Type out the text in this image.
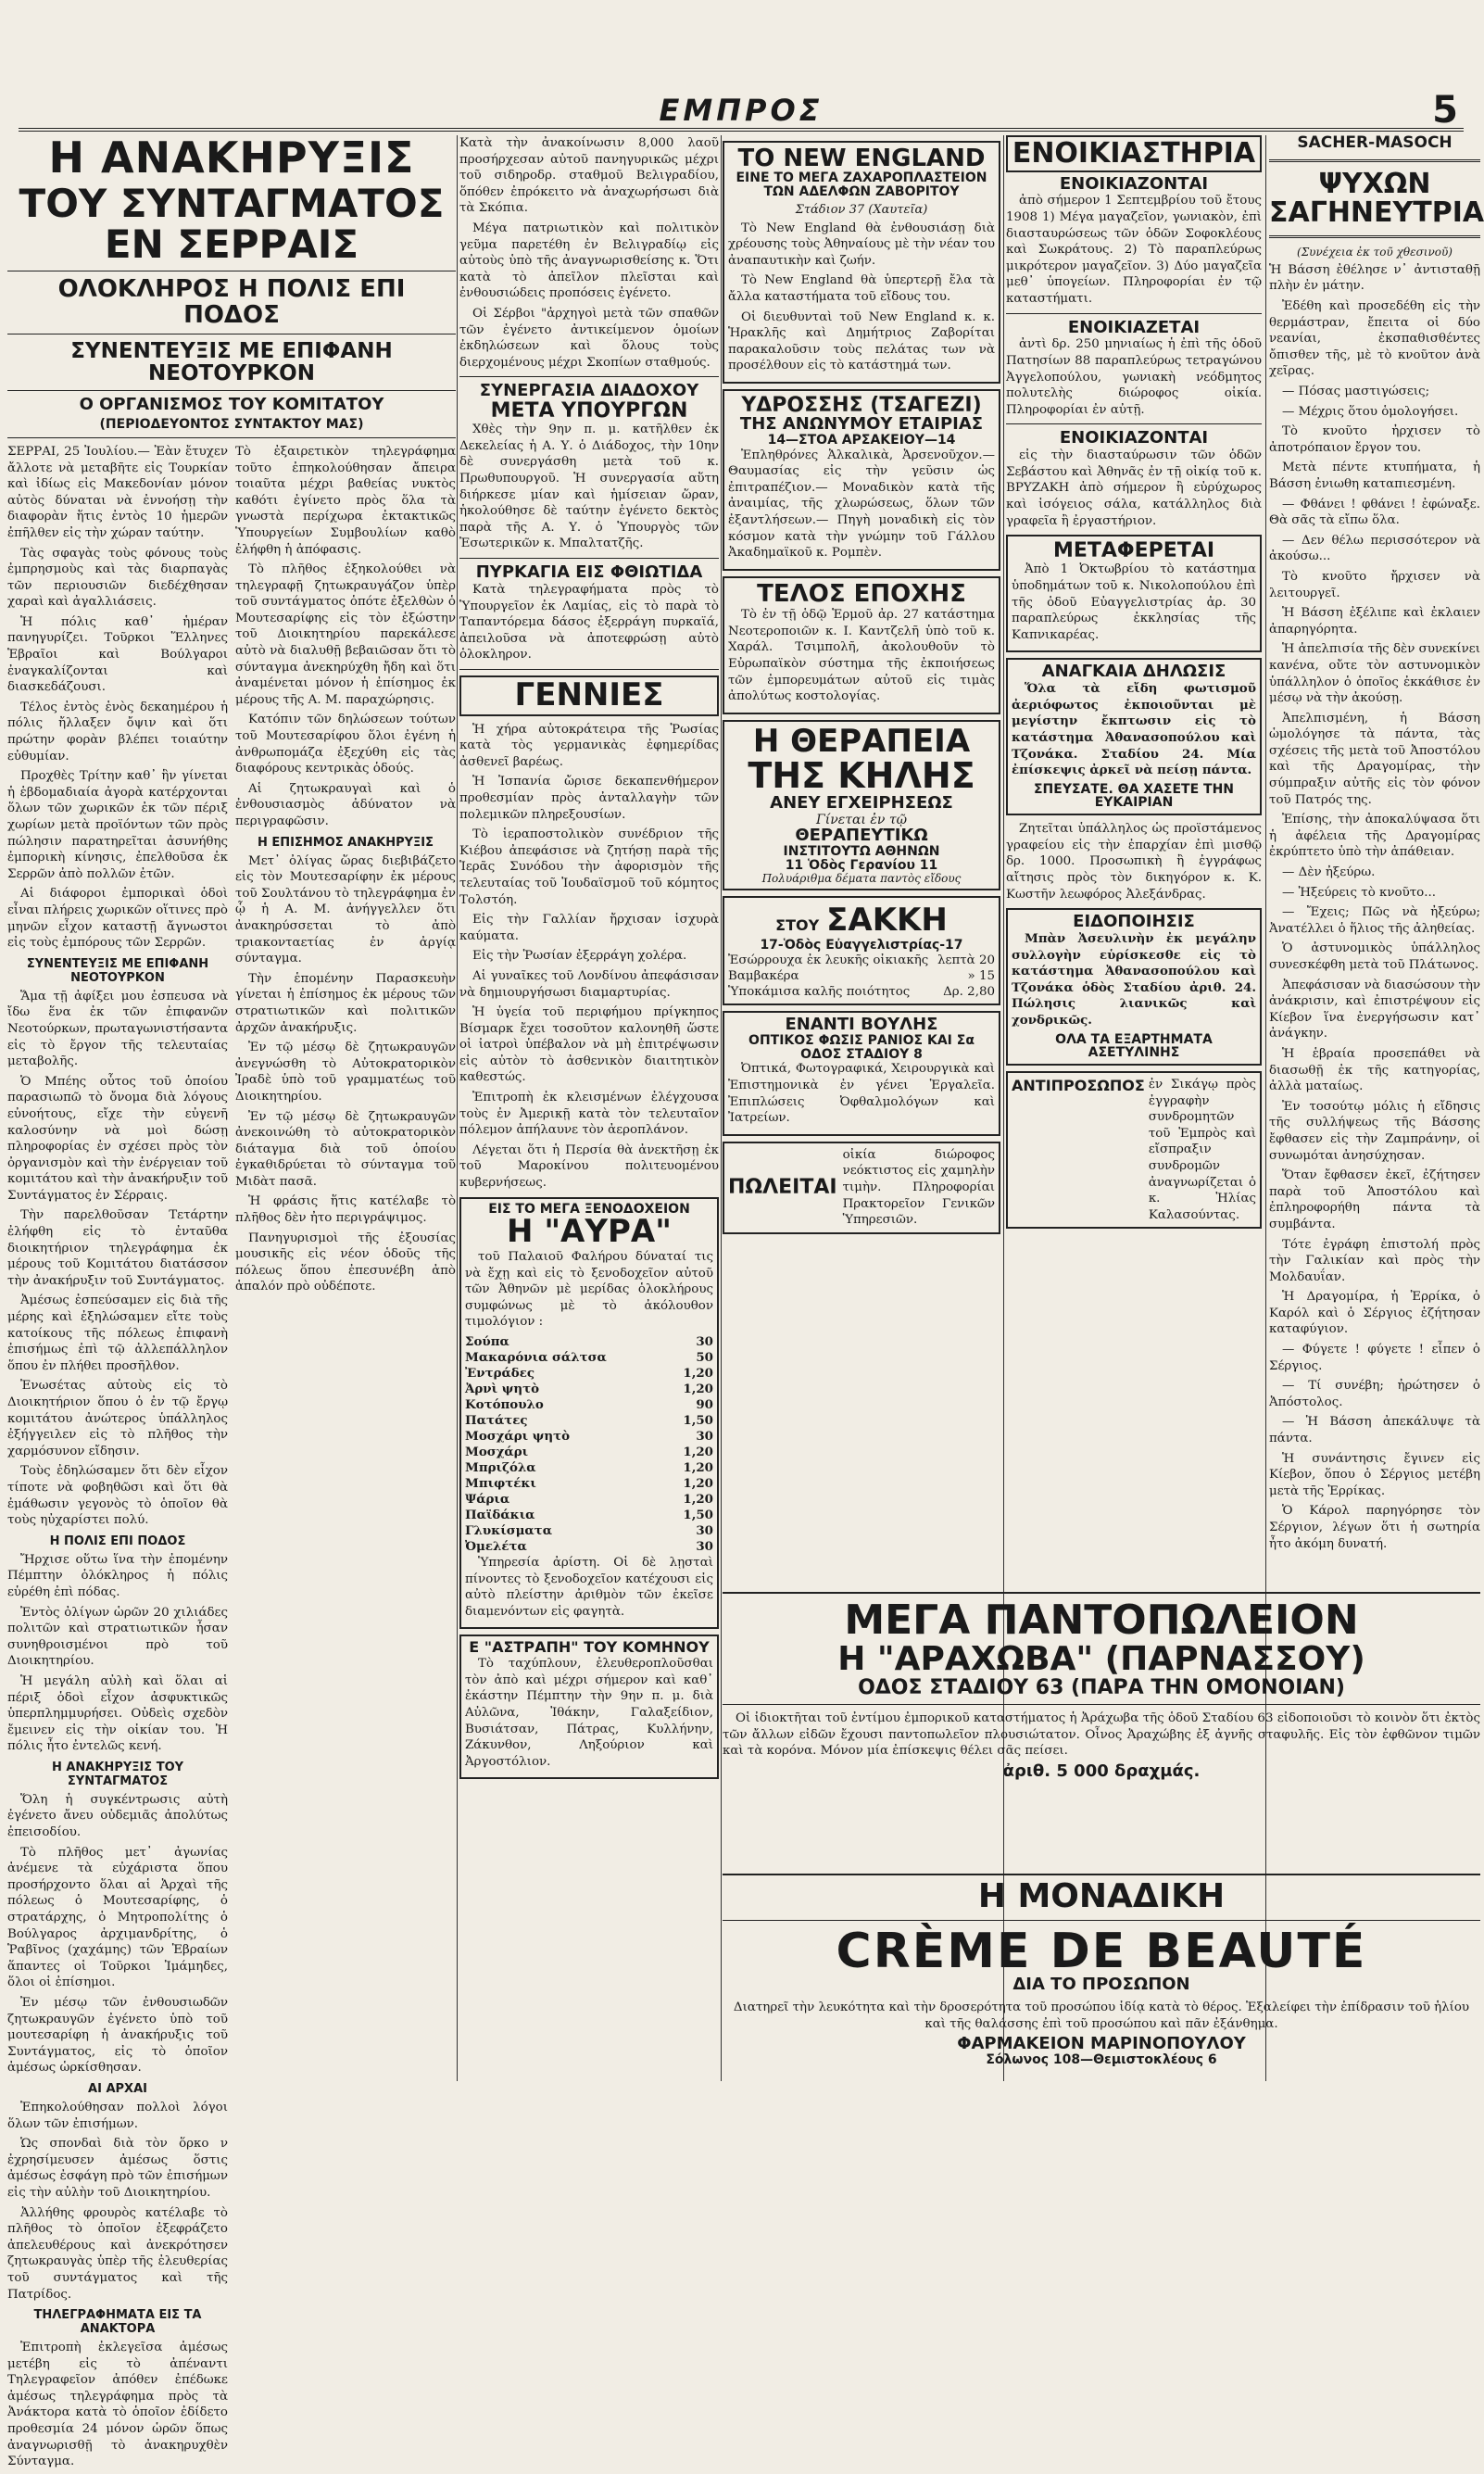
ΕΜΠΡΟΣ	5
Η ΑΝΑΚΗΡΥΞΙΣ
ΤΟΥ ΣΥΝΤΑΓΜΑΤΟΣ ΕΝ ΣΕΡΡΑΙΣ
ΟΛΟΚΛΗΡΟΣ Η ΠΟΛΙΣ ΕΠΙ ΠΟΔΟΣ
ΣΥΝΕΝΤΕΥΞΙΣ ΜΕ ΕΠΙΦΑΝΗ ΝΕΟΤΟΥΡΚΟΝ
Ο ΟΡΓΑΝΙΣΜΟΣ ΤΟΥ ΚΟΜΙΤΑΤΟΥ
(ΠΕΡΙΟΔΕΥΟΝΤΟΣ ΣΥΝΤΑΚΤΟΥ ΜΑΣ)

ΣΕΡΡΑΙ, 25 Ἰουλίου.— Ἐὰν ἔτυχεν ἄλλοτε νὰ μεταβῆτε εἰς Τουρκίαν καὶ ἰδίως εἰς Μακεδονίαν μόνον αὐτὸς δύναται νὰ ἐννοήσῃ τὴν διαφορὰν ἥτις ἐντὸς 10 ἡμερῶν ἐπῆλθεν εἰς τὴν χώραν ταύτην.

Τὰς σφαγὰς τοὺς φόνους τοὺς ἐμπρησμοὺς καὶ τὰς διαρπαγὰς τῶν περιουσιῶν διεδέχθησαν χαραὶ καὶ ἀγαλλιάσεις.

Ἡ πόλις καθ᾽ ἡμέραν πανηγυρίζει. Τοῦρκοι Ἕλληνες Ἑβραῖοι καὶ Βούλγαροι ἐναγκαλίζονται καὶ διασκεδάζουσι.

Τέλος ἐντὸς ἑνὸς δεκαημέρου ἡ πόλις ἤλλαξεν ὄψιν καὶ ὅτι πρώτην φορὰν βλέπει τοιαύτην εὐθυμίαν.

Προχθὲς Τρίτην καθ᾽ ἣν γίνεται ἡ ἑβδομαδιαία ἀγορὰ κατέρχονται ὅλων τῶν χωρικῶν ἐκ τῶν πέριξ χωρίων μετὰ προϊόντων τῶν πρὸς πώλησιν παρατηρεῖται ἀσυνήθης ἐμπορικὴ κίνησις, ἐπελθοῦσα ἐκ Σερρῶν ἀπὸ πολλῶν ἐτῶν.

Αἱ διάφοροι ἐμπορικαὶ ὁδοὶ εἶναι πλήρεις χωρικῶν οἵτινες πρὸ μηνῶν εἶχον καταστῇ ἄγνωστοι εἰς τοὺς ἐμπόρους τῶν Σερρῶν.

ΣΥΝΕΝΤΕΥΞΙΣ ΜΕ ΕΠΙΦΑΝΗ ΝΕΟΤΟΥΡΚΟΝ

Ἅμα τῇ ἀφίξει μου ἐσπευσα νὰ ἴδω ἕνα ἐκ τῶν ἐπιφανῶν Νεοτούρκων, πρωταγωνιστήσαντα εἰς τὸ ἔργον τῆς τελευταίας μεταβολῆς.

Ὁ Μπέης οὗτος τοῦ ὁποίου παρασιωπῶ τὸ ὄνομα διὰ λόγους εὐνοήτους, εἴχε τὴν εὐγενῆ καλοσύνην νὰ μοὶ δώσῃ πληροφορίας ἐν σχέσει πρὸς τὸν ὀργανισμὸν καὶ τὴν ἐνέργειαν τοῦ κομιτάτου καὶ τὴν ἀνακήρυξιν τοῦ Συντάγματος ἐν Σέρραις.

Τὴν παρελθοῦσαν Τετάρτην ἐλήφθη εἰς τὸ ἐνταῦθα διοικητήριον τηλεγράφημα ἐκ μέρους τοῦ Κομιτάτου διατάσσον τὴν ἀνακήρυξιν τοῦ Συντάγματος.

Ἀμέσως ἐσπεύσαμεν εἰς διὰ τῆς μέρης καὶ ἐξηλώσαμεν εἴτε τοὺς κατοίκους τῆς πόλεως ἐπιφανὴ ἐπισήμως ἐπὶ τῷ ἀλλεπάλληλον ὅπου ἐν πλήθει προσῆλθον.

Ἐνωσέτας αὐτοὺς εἰς τὸ Διοικητήριον ὅπου ὁ ἐν τῷ ἔργῳ κομιτάτου ἀνώτερος ὑπάλληλος ἐξήγγειλεν εἰς τὸ πλῆθος τὴν χαρμόσυνον εἴδησιν.

Τοὺς ἐδηλώσαμεν ὅτι δὲν εἶχον τίποτε νὰ φοβηθῶσι καὶ ὅτι θὰ ἐμάθωσιν γεγονὸς τὸ ὁποῖον θὰ τοὺς ηὐχαρίστει πολύ.

Η ΠΟΛΙΣ ΕΠΙ ΠΟΔΟΣ

Ἤρχισε οὕτω ἵνα τὴν ἐπομένην Πέμπτην ὁλόκληρος ἡ πόλις εὑρέθη ἐπὶ πόδας.

Ἐντὸς ὀλίγων ὡρῶν 20 χιλιάδες πολιτῶν καὶ στρατιωτικῶν ἦσαν συνηθροισμένοι πρὸ τοῦ Διοικητηρίου.

Ἡ μεγάλη αὐλὴ καὶ ὅλαι αἱ πέριξ ὁδοὶ εἶχον ἀσφυκτικῶς ὑπερπλημμυρήσει. Οὐδεὶς σχεδὸν ἔμεινεν εἰς τὴν οἰκίαν του. Ἡ πόλις ἦτο ἐντελῶς κενή.

Η ΑΝΑΚΗΡΥΞΙΣ ΤΟΥ ΣΥΝΤΑΓΜΑΤΟΣ

Ὅλη ἡ συγκέντρωσις αὐτὴ ἐγένετο ἄνευ οὐδεμιᾶς ἀπολύτως ἐπεισοδίου.

Τὸ πλῆθος μετ᾽ ἀγωνίας ἀνέμενε τὰ εὐχάριστα ὅπου προσήρχοντο ὅλαι αἱ Ἀρχαὶ τῆς πόλεως ὁ Μουτεσαρίφης, ὁ στρατάρχης, ὁ Μητροπολίτης ὁ Βούλγαρος ἀρχιμανδρίτης, ὁ Ῥαβῖνος (χαχάμης) τῶν Ἑβραίων ἅπαντες οἱ Τοῦρκοι Ἰμάμηδες, ὅλοι οἱ ἐπίσημοι.

Ἐν μέσῳ τῶν ἐνθουσιωδῶν ζητωκραυγῶν ἐγένετο ὑπὸ τοῦ μουτεσαρίφη ἡ ἀνακήρυξις τοῦ Συντάγματος, εἰς τὸ ὁποῖον ἀμέσως ὡρκίσθησαν.

ΑΙ ΑΡΧΑΙ

Ἐπηκολούθησαν πολλοὶ λόγοι ὅλων τῶν ἐπισήμων.

Ὡς σπονδαὶ διὰ τὸν ὅρκο ν ἐχρησίμευσεν ἀμέσως ὅστις ἀμέσως ἐσφάγη πρὸ τῶν ἐπισήμων εἰς τὴν αὐλὴν τοῦ Διοικητηρίου.

Ἀλλήθης φρουρὸς κατέλαβε τὸ πλῆθος τὸ ὁποῖον ἐξεφράζετο ἀπελευθέρους καὶ ἀνεκρότησεν ζητωκραυγὰς ὑπὲρ τῆς ἐλευθερίας τοῦ συντάγματος καὶ τῆς Πατρίδος.

ΤΗΛΕΓΡΑΦΗΜΑΤΑ ΕΙΣ ΤΑ ΑΝΑΚΤΟΡΑ

Ἐπιτροπὴ ἐκλεγεῖσα ἀμέσως μετέβη εἰς τὸ ἀπέναντι Τηλεγραφεῖον ἀπόθεν ἐπέδωκε ἀμέσως τηλεγράφημα πρὸς τὰ Ἀνάκτορα κατὰ τὸ ὁποῖον ἐδίδετο προθεσμία 24 μόνον ὡρῶν ὅπως ἀναγνωρισθῇ τὸ ἀνακηρυχθὲν Σύνταγμα.

Τὸ ἐξαιρετικὸν τηλεγράφημα τοῦτο ἐπηκολούθησαν ἄπειρα τοιαῦτα μέχρι βαθείας νυκτὸς καθότι ἐγίνετο πρὸς ὅλα τὰ γνωστὰ περίχωρα ἐκτακτικῶς Ὑπουργείων Συμβουλίων καθὸ ἐλήφθη ἡ ἀπόφασις.

Τὸ πλῆθος ἐξηκολούθει νὰ τηλεγραφῇ ζητωκραυγάζον ὑπὲρ τοῦ συντάγματος ὁπότε ἐξελθὼν ὁ Μουτεσαρίφης εἰς τὸν ἐξώστην τοῦ Διοικητηρίου παρεκάλεσε αὐτὸ νὰ διαλυθῇ βεβαιῶσαν ὅτι τὸ σύνταγμα ἀνεκηρύχθη ἤδη καὶ ὅτι ἀναμένεται μόνον ἡ ἐπίσημος ἐκ μέρους τῆς Α. Μ. παραχώρησις.

Κατόπιν τῶν δηλώσεων τούτων τοῦ Μουτεσαρίφου ὅλοι ἐγένη ἡ ἀνθρωπομάζα ἐξεχύθη εἰς τὰς διαφόρους κεντρικὰς ὁδούς.

Αἱ ζητωκραυγαὶ καὶ ὁ ἐνθουσιασμὸς ἀδύνατον νὰ περιγραφῶσιν.

Η ΕΠΙΣΗΜΟΣ ΑΝΑΚΗΡΥΞΙΣ

Μετ᾽ ὀλίγας ὥρας διεβιβάζετο εἰς τὸν Μουτεσαρίφην ἐκ μέρους τοῦ Σουλτάνου τὸ τηλεγράφημα ἐν ᾧ ἡ Α. Μ. ἀνήγγελλεν ὅτι ἀνακηρύσσεται τὸ ἀπὸ τριακονταετίας ἐν ἀργίᾳ σύνταγμα.

Τὴν ἑπομένην Παρασκευὴν γίνεται ἡ ἐπίσημος ἐκ μέρους τῶν στρατιωτικῶν καὶ πολιτικῶν ἀρχῶν ἀνακήρυξις.

Ἐν τῷ μέσῳ δὲ ζητωκραυγῶν ἀνεγνώσθη τὸ Αὐτοκρατορικὸν Ἰραδὲ ὑπὸ τοῦ γραμματέως τοῦ Διοικητηρίου.

Ἐν τῷ μέσῳ δὲ ζητωκραυγῶν ἀνεκοινώθη τὸ αὐτοκρατορικὸν διάταγμα διὰ τοῦ ὁποίου ἐγκαθιδρύεται τὸ σύνταγμα τοῦ Μιδὰτ πασᾶ.

Ἡ φράσις ἥτις κατέλαβε τὸ πλῆθος δὲν ἠτο περιγράψιμος.

Πανηγυρισμοὶ τῆς ἐξουσίας μουσικῆς εἰς νέον ὁδοῦς τῆς πόλεως ὅπου ἐπεσυνέβη ἀπὸ ἁπαλόν πρὸ οὐδέποτε.

Κατὰ τὴν ἀνακοίνωσιν 8,000 λαοῦ προσήρχεσαν αὐτοῦ πανηγυρικῶς μέχρι τοῦ σιδηροδρ. σταθμοῦ Βελιγραδίου, ὅπόθεν ἐπρόκειτο νὰ ἀναχωρήσωσι διὰ τὰ Σκόπια.

Μέγα πατριωτικὸν καὶ πολιτικὸν γεῦμα παρετέθη ἐν Βελιγραδίῳ εἰς αὐτοὺς ὑπὸ τῆς ἀναγνωρισθείσης κ. Ὅτι κατὰ τὸ ἀπεῖλον πλεῖσται καὶ ἐνθουσιώδεις προπόσεις ἐγένετο.

Οἱ Σέρβοι "ἀρχηγοὶ μετὰ τῶν σπαθῶν τῶν ἐγένετο ἀντικείμενον ὁμοίων ἐκδηλώσεων καὶ ὅλους τοὺς διερχομένους μέχρι Σκοπίων σταθμούς.

ΣΥΝΕΡΓΑΣΙΑ ΔΙΑΔΟΧΟΥ
ΜΕΤΑ ΥΠΟΥΡΓΩΝ

Χθὲς τὴν 9ην π. μ. κατῆλθεν ἐκ Δεκελείας ἡ Α. Υ. ὁ Διάδοχος, τὴν 10ην δὲ συνεργάσθη μετὰ τοῦ κ. Πρωθυπουργοῦ. Ἡ συνεργασία αὕτη διήρκεσε μίαν καὶ ἡμίσειαν ὥραν, ἡκολούθησε δὲ ταύτην ἐγένετο δεκτὸς παρὰ τῆς Α. Υ. ὁ Ὑπουργὸς τῶν Ἐσωτερικῶν κ. Μπαλτατζῆς.

ΠΥΡΚΑΓΙΑ ΕΙΣ ΦΘΙΩΤΙΔΑ

Κατὰ τηλεγραφήματα πρὸς τὸ Ὑπουργεῖον ἐκ Λαμίας, εἰς τὸ παρὰ τὸ Ταπαντόρεμα δάσος ἐξερράγη πυρκαϊά, ἀπειλοῦσα νὰ ἀποτεφρώσῃ αὐτὸ ὁλοκληρον.

ΓΕΝΝΙΕΣ

Ἡ χήρα αὐτοκράτειρα τῆς Ῥωσίας κατὰ τὸς γερμανικὰς ἐφημερίδας ἀσθενεῖ βαρέως.

Ἡ Ἰσπανία ὤρισε δεκαπενθήμερον προθεσμίαν πρὸς ἀνταλλαγὴν τῶν πολεμικῶν πληρεξουσίων.

Τὸ ἱεραποστολικὸν συνέδριον τῆς Κιέβου ἀπεφάσισε νὰ ζητήσῃ παρὰ τῆς Ἱερᾶς Συνόδου τὴν ἀφορισμὸν τῆς τελευταίας τοῦ Ἰουδαϊσμοῦ τοῦ κόμητος Τολστόη.

Εἰς τὴν Γαλλίαν ἤρχισαν ἰσχυρὰ καύματα.

Εἰς τὴν Ῥωσίαν ἐξερράγη χολέρα.

Αἱ γυναῖκες τοῦ Λονδίνου ἀπεφάσισαν νὰ δημιουργήσωσι διαμαρτυρίας.

Ἡ ὑγεία τοῦ περιφήμου πρίγκηπος Βίσμαρκ ἔχει τοσοῦτον καλονηθῆ ὥστε οἱ ἰατροὶ ὑπέβαλον νὰ μὴ ἐπιτρέψωσιν εἰς αὐτὸν τὸ ἀσθενικὸν διαιτητικὸν καθεστώς.

Ἐπιτροπὴ ἐκ κλεισμένων ἐλέγχουσα τοὺς ἐν Ἀμερικῇ κατὰ τὸν τελευταῖον πόλεμον ἀπήλαυνε τὸν ἀεροπλάνον.

Λέγεται ὅτι ἡ Περσία θὰ ἀνεκτῆσῃ ἐκ τοῦ Μαροκίνου πολιτευομένου κυβερνήσεως.

ΕΙΣ ΤΟ ΜΕΓΑ ΞΕΝΟΔΟΧΕΙΟΝ
Η "ΑΥΡΑ"

τοῦ Παλαιοῦ Φαλήρου δύναταί τις νὰ ἔχῃ καὶ εἰς τὸ ξενοδοχεῖον αὐτοῦ τῶν Ἀθηνῶν μὲ μερίδας ὁλοκλήρους συμφώνως μὲ τὸ ἀκόλουθον τιμολόγιον :

Σούπα	30
Μακαρόνια σάλτσα	50
Ἐντράδες	1,20
Ἀρνὶ ψητὸ	1,20
Κοτόπουλο	90
Πατάτες	1,50
Μοσχάρι ψητὸ	30
Μοσχάρι	1,20
Μπριζόλα	1,20
Μπιφτέκι	1,20
Ψάρια	1,20
Παϊδάκια	1,50
Γλυκίσματα	30
Ὀμελέτα	30

Ὑπηρεσία ἀρίστη. Οἱ δὲ λῃσταὶ πίνοντες τὸ ξενοδοχεῖον κατέχουσι εἰς αὐτὸ πλείστην ἀριθμὸν τῶν ἐκεῖσε διαμενόντων εἰς φαγητὰ.

Ε "ΑΣΤΡΑΠΗ" ΤΟΥ ΚΟΜΗΝΟΥ

Τὸ ταχύπλουν, ἐλευθεροπλοῦσθαι τὸν ἀπὸ καὶ μέχρι σήμερον καὶ καθ᾽ ἑκάστην Πέμπτην τὴν 9ην π. μ. διὰ Αὐλῶνα, Ἰθάκην, Γαλαξείδιον, Βυσιάτσαν, Πάτρας, Κυλλήνην, Ζάκυνθον, Ληξούριον καὶ Ἀργοστόλιον.

ΤΟ NEW ENGLAND
ΕΙΝΕ ΤΟ ΜΕΓΑ ΖΑΧΑΡΟΠΛΑΣΤΕΙΟΝ
ΤΩΝ ΑΔΕΛΦΩΝ ΖΑΒΟΡΙΤΟΥ
Στάδιον 37 (Χαυτεῖα)

Τὸ New England θὰ ἐνθουσιάσῃ διὰ χρέουσης τοὺς Ἀθηναίους μὲ τὴν νέαν του ἀναπαυτικὴν καὶ ζωήν.

Τὸ New England θὰ ὑπερτερῇ ἔλα τὰ ἄλλα καταστήματα τοῦ εἴδους του.

Οἱ διευθυνταὶ τοῦ New England κ. κ. Ἡρακλῆς καὶ Δημήτριος Ζαβορίται παρακαλοῦσιν τοὺς πελάτας των νὰ προσέλθουν εἰς τὸ κατάστημά των.

ΥΔΡΟΣΣΗΣ (ΤΣΑΓΕΖΙ)
ΤΗΣ ΑΝΩΝΥΜΟΥ ΕΤΑΙΡΙΑΣ
14—ΣΤΟΑ ΑΡΣΑΚΕΙΟΥ—14

Ἐπληθρόνες Ἀλκαλικὰ, Ἀρσενοῦχον.— Θαυμασίας εἰς τὴν γεῦσιν ὡς ἐπιτραπέζιον.— Μοναδικὸν κατὰ τῆς ἀναιμίας, τῆς χλωρώσεως, ὅλων τῶν ἐξαντλήσεων.— Πηγὴ μοναδικὴ εἰς τὸν κόσμον κατὰ τὴν γνώμην τοῦ Γάλλου Ἀκαδημαϊκοῦ κ. Ρομπὲν.

ΤΕΛΟΣ ΕΠΟΧΗΣ

Τὸ ἐν τῇ ὁδῷ Ἑρμοῦ ἀρ. 27 κατάστημα Νεοτεροποιῶν κ. Ι. Καντζελῆ ὑπὸ τοῦ κ. Χαράλ. Τσιμπολῆ, ἀκολουθοῦν τὸ Εὐρωπαϊκὸν σύστημα τῆς ἐκποιήσεως τῶν ἐμπορευμάτων αὐτοῦ εἰς τιμὰς ἀπολύτως κοστολογίας.

Η ΘΕΡΑΠΕΙΑ
ΤΗΣ ΚΗΛΗΣ
ΑΝΕΥ ΕΓΧΕΙΡΗΣΕΩΣ
Γίνεται ἐν τῷ
ΘΕΡΑΠΕΥΤΙΚΩ
ΙΝΣΤΙΤΟΥΤΩ ΑΘΗΝΩΝ
11 Ὁδὸς Γερανίου 11
Πολυάριθμα δέματα παντὸς εἴδους
ΣΤΟΥ ΣΑΚΚΗ
17-Ὁδὸς Εὐαγγελιστρίας-17
Ἐσώρρουχα ἐκ λευκῆς οἰκιακῆς λεπτὰ 20
Βαμβακέρα	» 15
Ὑποκάμισα καλῆς ποιότητος	Δρ. 2,80
ΕΝΑΝΤΙ ΒΟΥΛΗΣ
ΟΠΤΙΚΟΣ ΦΩΣΙΣ ΡΑΝΙΟΣ ΚΑΙ Σα
ΟΔΟΣ ΣΤΑΔΙΟΥ 8

Ὀπτικά, Φωτογραφικά, Χειρουργικὰ καὶ Ἐπιστημονικὰ ἐν γένει Ἐργαλεῖα. Ἐπιπλώσεις Ὀφθαλμολόγων καὶ Ἰατρείων.

ΠΩΛΕΙΤΑΙ

οἰκία διώροφος νεόκτιστος εἰς χαμηλὴν τιμὴν. Πληροφορίαι Πρακτορεῖον Γενικῶν Ὑπηρεσιῶν.

ΕΝΟΙΚΙΑΣΤΗΡΙΑ
ΕΝΟΙΚΙΑΖΟΝΤΑΙ

ἀπὸ σήμερον 1 Σεπτεμβρίου τοῦ ἔτους 1908 1) Μέγα μαγαζεῖον, γωνιακὸν, ἐπὶ διασταυρώσεως τῶν ὁδῶν Σοφοκλέους καὶ Σωκράτους. 2) Τὸ παραπλεύρως μικρότερον μαγαζεῖον. 3) Δύο μαγαζεῖα μεθ᾽ ὑπογείων. Πληροφορίαι ἐν τῷ καταστήματι.

ΕΝΟΙΚΙΑΖΕΤΑΙ

ἀντὶ δρ. 250 μηνιαίως ἡ ἐπὶ τῆς ὁδοῦ Πατησίων 88 παραπλεύρως τετραγώνου Ἀγγελοπούλου, γωνιακὴ νεόδμητος πολυτελὴς διώροφος οἰκία. Πληροφορίαι ἐν αὐτῇ.

ΕΝΟΙΚΙΑΖΟΝΤΑΙ

εἰς τὴν διασταύρωσιν τῶν ὁδῶν Σεβάστου καὶ Ἀθηνᾶς ἐν τῇ οἰκίᾳ τοῦ κ. ΒΡΥΖΑΚΗ ἀπὸ σήμερον ἢ εὐρύχωρος καὶ ἰσόγειος σάλα, κατάλληλος διὰ γραφεῖα ἢ ἐργαστήριον.

ΜΕΤΑΦΕΡΕΤΑΙ

Ἀπὸ 1 Ὀκτωβρίου τὸ κατάστημα ὑποδημάτων τοῦ κ. Νικολοπούλου ἐπὶ τῆς ὁδοῦ Εὐαγγελιστρίας ἀρ. 30 παραπλεύρως ἐκκλησίας τῆς Καπνικαρέας.

ΑΝΑΓΚΑΙΑ ΔΗΛΩΣΙΣ

Ὅλα τὰ εἴδη φωτισμοῦ ἀεριόφωτος ἐκποιοῦνται μὲ μεγίστην ἔκπτωσιν εἰς τὸ κατάστημα Ἀθανασοπούλου καὶ Τζονάκα. Σταδίου 24. Μία ἐπίσκεψις ἀρκεῖ νὰ πείσῃ πάντα.

ΣΠΕΥΣΑΤΕ. ΘΑ ΧΑΣΕΤΕ ΤΗΝ ΕΥΚΑΙΡΙΑΝ

Ζητεῖται ὑπάλληλος ὡς προϊστάμενος γραφείου εἰς τὴν ἐπαρχίαν ἐπὶ μισθῷ δρ. 1000. Προσωπικὴ ἢ ἐγγράφως αἴτησις πρὸς τὸν δικηγόρον κ. Κ. Κωστῆν λεωφόρος Ἀλεξάνδρας.

ΕΙΔΟΠΟΙΗΣΙΣ

Μπὰν Ἀσευλινὴν ἐκ μεγάλην συλλογὴν εὑρίσκεσθε εἰς τὸ κατάστημα Ἀθανασοπούλου καὶ Τζονάκα ὁδὸς Σταδίου ἀριθ. 24. Πώλησις λιανικῶς καὶ χονδρικῶς.

ΟΛΑ ΤΑ ΕΞΑΡΤΗΜΑΤΑ ΑΣΕΤΥΛΙΝΗΣ
ΑΝΤΙΠΡΟΣΩΠΟΣ ἐν Σικάγῳ πρὸς ἐγγραφὴν συνδρομητῶν τοῦ Ἐμπρὸς καὶ εἴσπραξιν συνδρομῶν ἀναγνωρίζεται ὁ κ. Ἠλίας Καλασούντας.

SACHER-MASOCH
ΨΥΧΩΝ ΣΑΓΗΝΕΥΤΡΙΑ
(Συνέχεια ἐκ τοῦ χθεσινοῦ)

Ἡ Βάσση ἐθέλησε ν᾽ ἀντισταθῇ πλὴν ἐν μάτην.

Ἐδέθη καὶ προσεδέθη εἰς τὴν θερμάστραν, ἔπειτα οἱ δύο νεανίαι, ἐκσπαθισθέντες ὄπισθεν τῆς, μὲ τὸ κνοῦτον ἀνὰ χεῖρας.

— Πόσας μαστιγώσεις;

— Μέχρις ὅτου ὁμολογήσει.

Τὸ κνοῦτο ἠρχισεν τὸ ἀποτρόπαιον ἔργον του.

Μετὰ πέντε κτυπήματα, ἡ Βάσση ἐνιωθη καταπιεσμένη.

— Φθάνει ! φθάνει ! ἐφώναξε. Θὰ σᾶς τὰ εἴπω ὅλα.

— Δεν θέλω περισσότερον νὰ ἀκούσω...

Τὸ κνοῦτο ἤρχισεν νὰ λειτουργεῖ.

Ἡ Βάσση ἐξέλιπε καὶ ἐκλαιεν ἀπαρηγόρητα.

Ἡ ἀπελπισία τῆς δὲν συνεκίνει κανένα, οὔτε τὸν αστυνομικὸν ὑπάλληλον ὁ ὁποῖος ἐκκάθισε ἐν μέσῳ νὰ τὴν ἀκούσῃ.

Ἀπελπισμένη, ἡ Βάσση ὡμολόγησε τὰ πάντα, τὰς σχέσεις τῆς μετὰ τοῦ Ἀποστόλου καὶ τῆς Δραγομίρας, τὴν σύμπραξιν αὐτῆς εἰς τὸν φόνον τοῦ Πατρός της.

Ἐπίσης, τὴν ἀποκαλύψασα ὅτι ἡ ἀφέλεια τῆς Δραγομίρας ἐκρύπτετο ὑπὸ τὴν ἀπάθειαν.

— Δὲν ἠξεύρω.

— Ἠξεύρεις τὸ κνοῦτο...

— Ἔχεις; Πῶς νὰ ἠξεύρω; Ἀνατέλλει ὁ ἥλιος τῆς ἀληθείας.

Ὁ ἀστυνομικὸς ὑπάλληλος συνεσκέφθη μετὰ τοῦ Πλάτωνος.

Ἀπεφάσισαν νὰ διασώσουν τὴν ἀνάκρισιν, καὶ ἐπιστρέψουν εἰς Κίεβον ἵνα ἐνεργήσωσιν κατ᾽ ἀνάγκην.

Ἡ ἑβραία προσεπάθει νὰ διασωθῇ ἐκ τῆς κατηγορίας, ἀλλὰ ματαίως.

Ἐν τοσούτῳ μόλις ἡ εἴδησις τῆς συλλήψεως τῆς Βάσσης ἔφθασεν εἰς τὴν Ζαμπράνην, οἱ συνωμόται ἀνησύχησαν.

Ὅταν ἔφθασεν ἐκεῖ, ἐζήτησεν παρὰ τοῦ Ἀποστόλου καὶ ἐπληροφορήθη πάντα τὰ συμβάντα.

Τότε ἐγράφη ἐπιστολή πρὸς τὴν Γαλικίαν καὶ πρὸς τὴν Μολδαυΐαν.

Ἡ Δραγομίρα, ἡ Ἐρρίκα, ὁ Καρόλ καὶ ὁ Σέργιος ἐζήτησαν καταφύγιον.

— Φύγετε ! φύγετε ! εἶπεν ὁ Σέργιος.

— Τί συνέβη; ἠρώτησεν ὁ Ἀπόστολος.

— Ἡ Βάσση ἀπεκάλυψε τὰ πάντα.

Ἡ συνάντησις ἔγινεν εἰς Κίεβον, ὅπου ὁ Σέργιος μετέβη μετὰ τῆς Ἐρρίκας.

Ὁ Κάρολ παρηγόρησε τὸν Σέργιον, λέγων ὅτι ἡ σωτηρία ἦτο ἀκόμη δυνατή.

ΜΕΓΑ ΠΑΝΤΟΠΩΛΕΙΟΝ
Η "ΑΡΑΧΩΒΑ" (ΠΑΡΝΑΣΣΟΥ)
ΟΔΟΣ ΣΤΑΔΙΟΥ 63 (ΠΑΡΑ ΤΗΝ ΟΜΟΝΟΙΑΝ)

Οἱ ἰδιοκτῆται τοῦ ἐντίμου ἐμπορικοῦ καταστήματος ἡ Ἀράχωβα τῆς ὁδοῦ Σταδίου 63 εἰδοποιοῦσι τὸ κοινὸν ὅτι ἐκτὸς τῶν ἄλλων εἰδῶν ἔχουσι παντοπωλεῖον πλουσιώτατον. Οἶνος Ἀραχώβης ἐξ ἀγνῆς σταφυλῆς. Εἰς τὸν ἐφθῶνον τιμῶν καὶ τὰ κορόνα. Μόνον μία ἐπίσκεψις θέλει σᾶς πείσει.

ἀριθ. 5 000 δραχμάς.
Η ΜΟΝΑΔΙΚΗ
CRÈME DE BEAUTÉ
ΔΙΑ ΤΟ ΠΡΟΣΩΠΟΝ

Διατηρεῖ τὴν λευκότητα καὶ τὴν δροσερότητα τοῦ προσώπου ἰδίᾳ κατὰ τὸ θέρος. Ἐξαλείφει τὴν ἐπίδρασιν τοῦ ἡλίου καὶ τῆς θαλάσσης ἐπὶ τοῦ προσώπου καὶ πᾶν ἐξάνθημα.

ΦΑΡΜΑΚΕΙΟΝ ΜΑΡΙΝΟΠΟΥΛΟΥ
Σόλωνος 108—Θεμιστοκλέους 6
